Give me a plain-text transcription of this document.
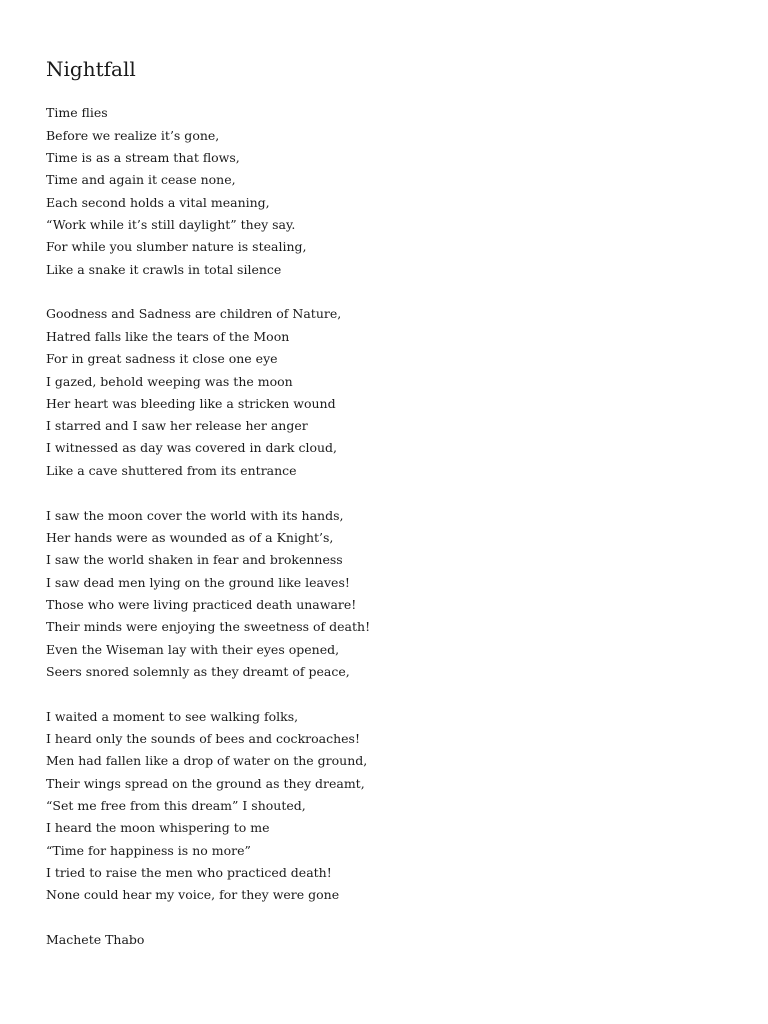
Nightfall

Time flies

Before we realize it’s gone,

Time is as a stream that flows,

Time and again it cease none,

Each second holds a vital meaning,

“Work while it’s still daylight” they say.

For while you slumber nature is stealing,

Like a snake it crawls in total silence

Goodness and Sadness are children of Nature,

Hatred falls like the tears of the Moon

For in great sadness it close one eye

I gazed, behold weeping was the moon

Her heart was bleeding like a stricken wound

I starred and I saw her release her anger

I witnessed as day was covered in dark cloud,

Like a cave shuttered from its entrance

I saw the moon cover the world with its hands,

Her hands were as wounded as of a Knight’s,

I saw the world shaken in fear and brokenness

I saw dead men lying on the ground like leaves!

Those who were living practiced death unaware!

Their minds were enjoying the sweetness of death!

Even the Wiseman lay with their eyes opened,

Seers snored solemnly as they dreamt of peace,

I waited a moment to see walking folks,

I heard only the sounds of bees and cockroaches!

Men had fallen like a drop of water on the ground,

Their wings spread on the ground as they dreamt,

“Set me free from this dream” I shouted,

I heard the moon whispering to me

“Time for happiness is no more”

I tried to raise the men who practiced death!

None could hear my voice, for they were gone

Machete Thabo
